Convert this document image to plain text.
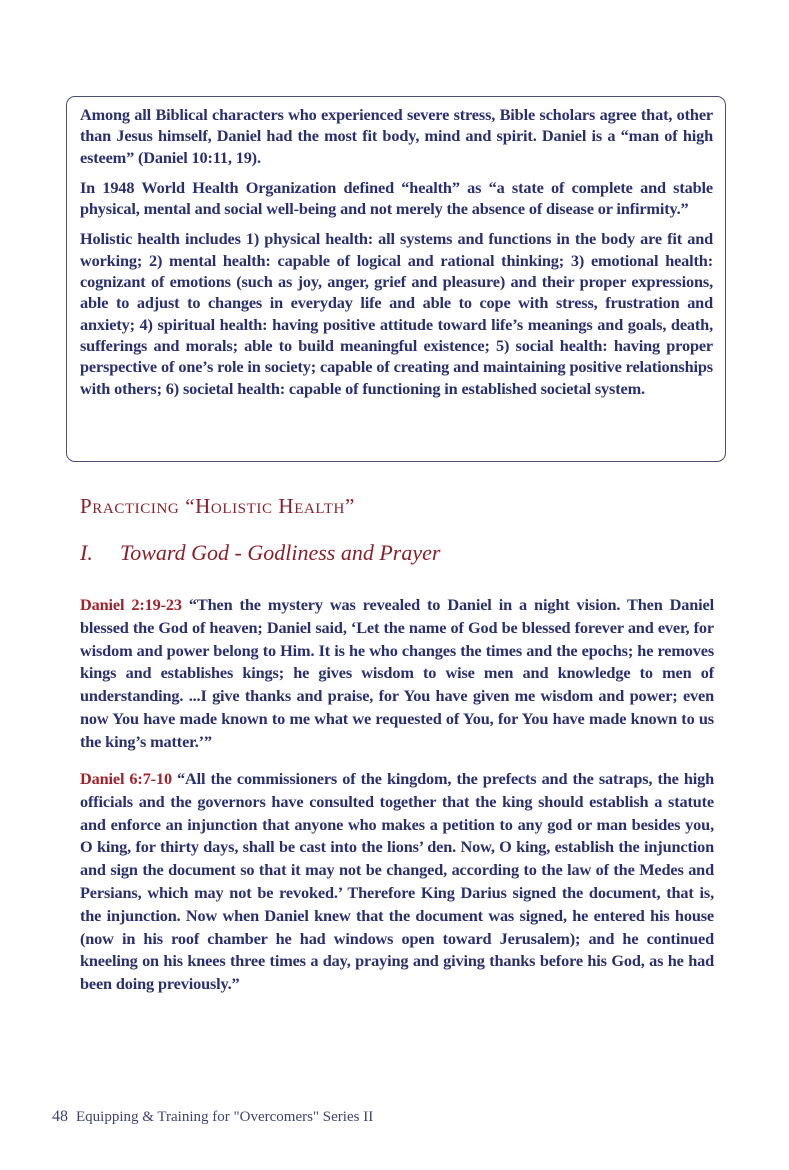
Among all Biblical characters who experienced severe stress, Bible scholars agree that, other than Jesus himself, Daniel had the most fit body, mind and spirit. Daniel is a “man of high esteem” (Daniel 10:11, 19).

In 1948 World Health Organization defined “health” as “a state of complete and stable physical, mental and social well-being and not merely the absence of disease or infirmity.”

Holistic health includes 1) physical health: all systems and functions in the body are fit and working; 2) mental health: capable of logical and rational thinking; 3) emotional health: cognizant of emotions (such as joy, anger, grief and pleasure) and their proper expressions, able to adjust to changes in everyday life and able to cope with stress, frustration and anxiety; 4) spiritual health: having positive attitude toward life’s meanings and goals, death, sufferings and morals; able to build meaningful existence; 5) social health: having proper perspective of one’s role in society; capable of creating and maintaining positive relationships with others; 6) societal health: capable of functioning in established societal system.

Practicing “Holistic Health”
I. Toward God - Godliness and Prayer

Daniel 2:19-23 “Then the mystery was revealed to Daniel in a night vision. Then Daniel blessed the God of heaven; Daniel said, ‘Let the name of God be blessed forever and ever, for wisdom and power belong to Him. It is he who changes the times and the epochs; he removes kings and establishes kings; he gives wisdom to wise men and knowledge to men of understanding. ...I give thanks and praise, for You have given me wisdom and power; even now You have made known to me what we requested of You, for You have made known to us the king’s matter.’”

Daniel 6:7-10 “All the commissioners of the kingdom, the prefects and the satraps, the high officials and the governors have consulted together that the king should establish a statute and enforce an injunction that anyone who makes a petition to any god or man besides you, O king, for thirty days, shall be cast into the lions’ den. Now, O king, establish the injunction and sign the document so that it may not be changed, according to the law of the Medes and Persians, which may not be revoked.’ Therefore King Darius signed the document, that is, the injunction. Now when Daniel knew that the document was signed, he entered his house (now in his roof chamber he had windows open toward Jerusalem); and he continued kneeling on his knees three times a day, praying and giving thanks before his God, as he had been doing previously.”

48 Equipping & Training for "Overcomers" Series II
